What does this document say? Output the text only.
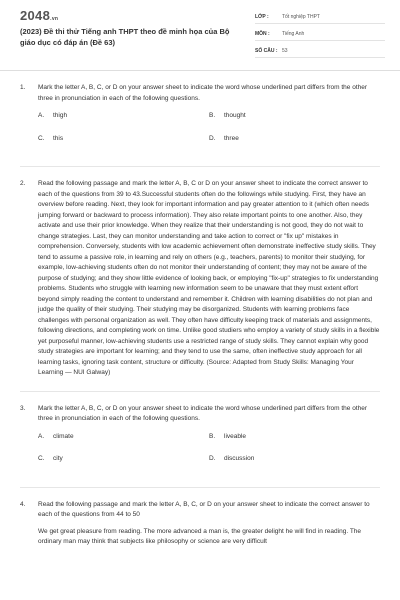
2048.vn
(2023) Đề thi thử Tiếng anh THPT theo đề minh họa của Bộ giáo dục có đáp án (Đề 63)
LỚP :	Tốt nghiệp THPT
MÔN :	Tiếng Anh
SỐ CÂU : 53
1.	Mark the letter A, B, C, or D on your answer sheet to indicate the word whose underlined part differs from the other three in pronunciation in each of the following questions.

A. thigh	B. thought
C. this	D. three
2.	Read the following passage and mark the letter A, B, C or D on your answer sheet to indicate the correct answer to each of the questions from 39 to 43.Successful students often do the followings while studying. First, they have an overview before reading. Next, they look for important information and pay greater attention to it (which often needs jumping forward or backward to process information). They also relate important points to one another. Also, they activate and use their prior knowledge. When they realize that their understanding is not good, they do not wait to change strategies. Last, they can monitor understanding and take action to correct or "fix up" mistakes in comprehension. Conversely, students with low academic achievement often demonstrate ineffective study skills. They tend to assume a passive role, in learning and rely on others (e.g., teachers, parents) to monitor their studying, for example, low-achieving students often do not monitor their understanding of content; they may not be aware of the purpose of studying; and they show little evidence of looking back, or employing "fix-up" strategies to fix understanding problems. Students who struggle with learning new information seem to be unaware that they must extent effort beyond simply reading the content to understand and remember it. Children with learning disabilities do not plan and judge the quality of their studying. Their studying may be disorganized. Students with learning problems face challenges with personal organization as well. They often have difficulty keeping track of materials and assignments, following directions, and completing work on time. Unlike good studiers who employ a variety of study skills in a flexible yet purposeful manner, low-achieving students use a restricted range of study skills. They cannot explain why good study strategies are important for learning; and they tend to use the same, often ineffective study approach for all learning tasks, ignoring task content, structure or difficulty. (Source: Adapted from Study Skills: Managing Your Learning — NUI Galway)

3.	Mark the letter A, B, C, or D on your answer sheet to indicate the word whose underlined part differs from the other three in pronunciation in each of the following questions.

A. climate	B. liveable
C. city	D. discussion
4.	Read the following passage and mark the letter A, B, C, or D on your answer sheet to indicate the correct answer to each of the questions from 44 to 50

We get great pleasure from reading. The more advanced a man is, the greater delight he will find in reading. The ordinary man may think that subjects like philosophy or science are very difficult
